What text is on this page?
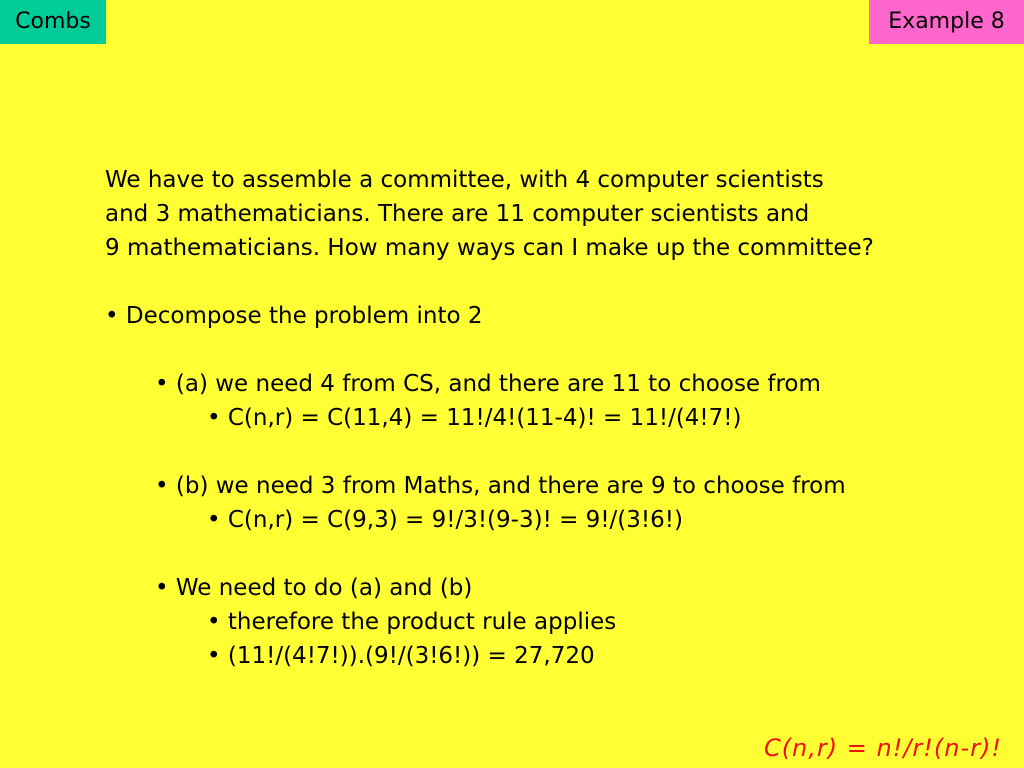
Combs	Example 8
We have to assemble a committee, with 4 computer scientists
and 3 mathematicians. There are 11 computer scientists and
9 mathematicians. How many ways can I make up the committee?
• Decompose the problem into 2
• (a) we need 4 from CS, and there are 11 to choose from
• C(n,r) = C(11,4) = 11!/4!(11-4)! = 11!/(4!7!)
• (b) we need 3 from Maths, and there are 9 to choose from
• C(n,r) = C(9,3) = 9!/3!(9-3)! = 9!/(3!6!)
• We need to do (a) and (b)
• therefore the product rule applies
• (11!/(4!7!)).(9!/(3!6!)) = 27,720
C(n,r) = n!/r!(n-r)!
